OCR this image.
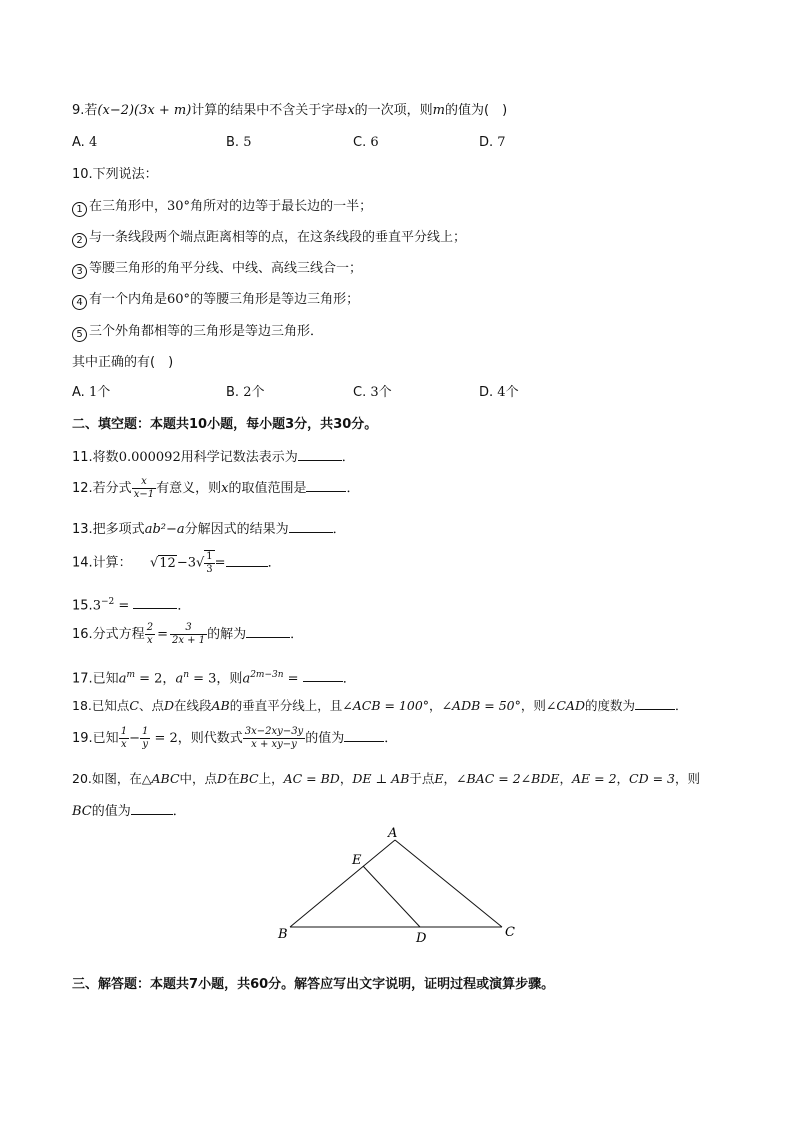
9.若(x−2)(3x + m)计算的结果中不含关于字母x的一次项，则m的值为(　)
A. 4	B. 5	C. 6	D. 7
10.下列说法：
1 在三角形中，30°角所对的边等于最长边的一半；
2 与一条线段两个端点距离相等的点，在这条线段的垂直平分线上；
3 等腰三角形的角平分线、中线、高线三线合一；
4 有一个内角是60°的等腰三角形是等边三角形；
5 三个外角都相等的三角形是等边三角形．
其中正确的有(　)
A. 1个	B. 2个	C. 3个	D. 4个
二、填空题：本题共10小题，每小题3分，共30分。
11.将数0.000092用科学记数法表示为	．
12.若分式 $\frac{x}{x-1}$ 有意义，则x的取值范围是	．
13.把多项式ab²−a分解因式的结果为	．
14.计算： $√12-3√ \frac{1}{3}$ =	．
$15.3^{-2}$ =	．
16.分式方程 $\frac{2}{x} = \frac{3}{2x + 1}$ 的解为	．
17.已知$a^m = 2$，$a^n = 3$，则$a^{2m-3n}$ =	．
18.已知点C、点D在线段AB的垂直平分线上，且∠ACB = 100°，∠ADB = 50°，则∠CAD的度数为	．
19.已知 $\frac{1}{x} - \frac{1}{y} = 2$，则代数式 $\frac{3x-2xy-3y}{x + xy-y}$ 的值为	．
20.如图，在△ABC中，点D在BC上，AC = BD，DE ⊥ AB于点E，∠BAC = 2∠BDE，AE = 2，CD = 3，则
BC的值为	．
A
B	C
D
E
三、解答题：本题共7小题，共60分。解答应写出文字说明，证明过程或演算步骤。
